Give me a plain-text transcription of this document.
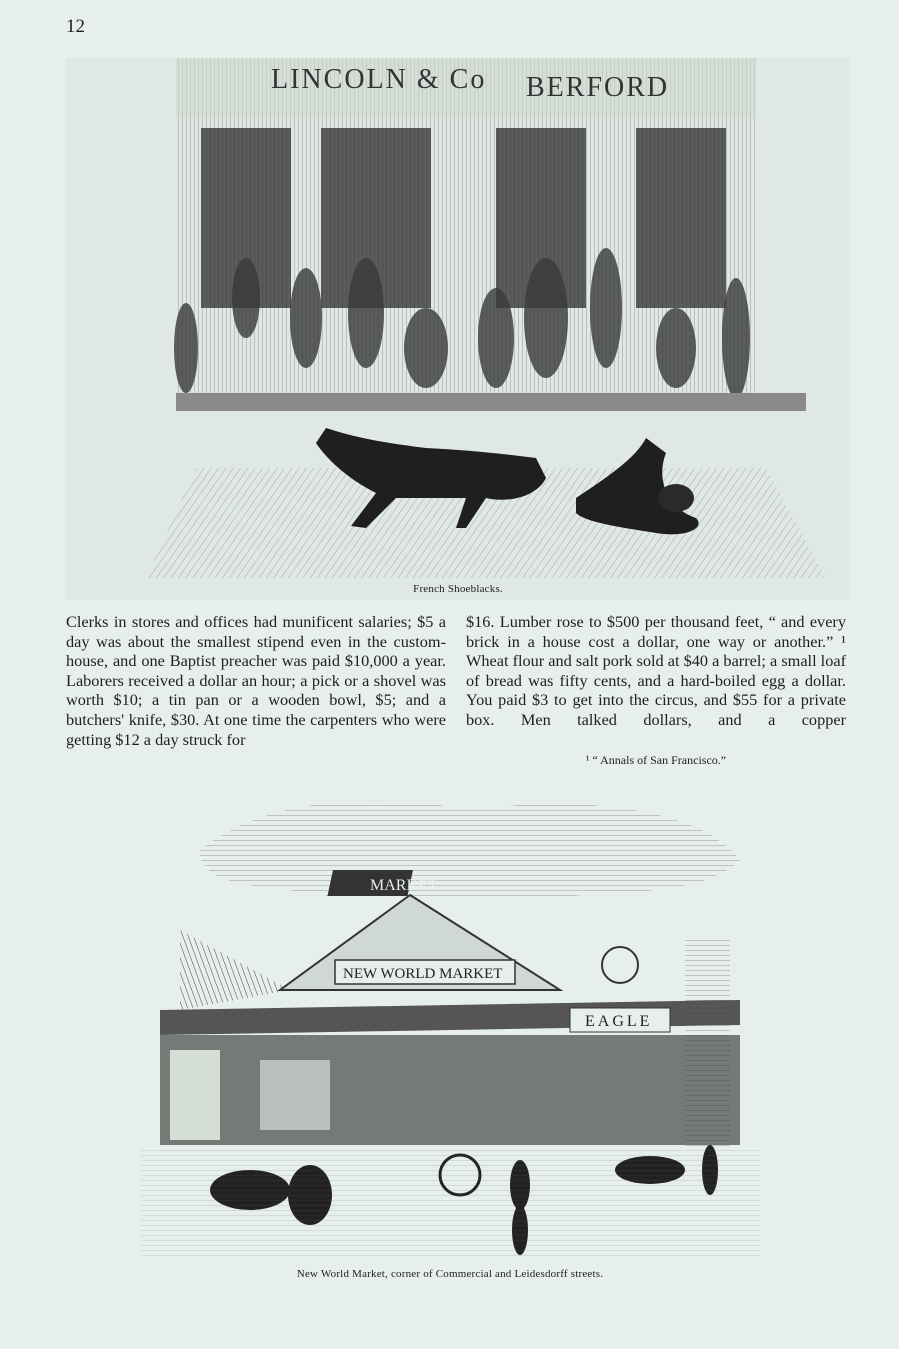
12
LINCOLN & Co BERFORD
French Shoeblacks.

Clerks in stores and offices had munificent salaries; $5 a day was about the smallest stipend even in the custom-house, and one Baptist preacher was paid $10,000 a year. Laborers received a dollar an hour; a pick or a shovel was worth $10; a tin pan or a wooden bowl, $5; and a butchers' knife, $30. At one time the carpenters who were getting $12 a day struck for

$16. Lumber rose to $500 per thousand feet, “ and every brick in a house cost a dollar, one way or another.” ¹ Wheat flour and salt pork sold at $40 a barrel; a small loaf of bread was fifty cents, and a hard-boiled egg a dollar. You paid $3 to get into the circus, and $55 for a private box. Men talked dollars, and a copper

¹ “ Annals of San Francisco.”
MARKET
NEW WORLD MARKET
EAGLE
New World Market, corner of Commercial and Leidesdorff streets.
